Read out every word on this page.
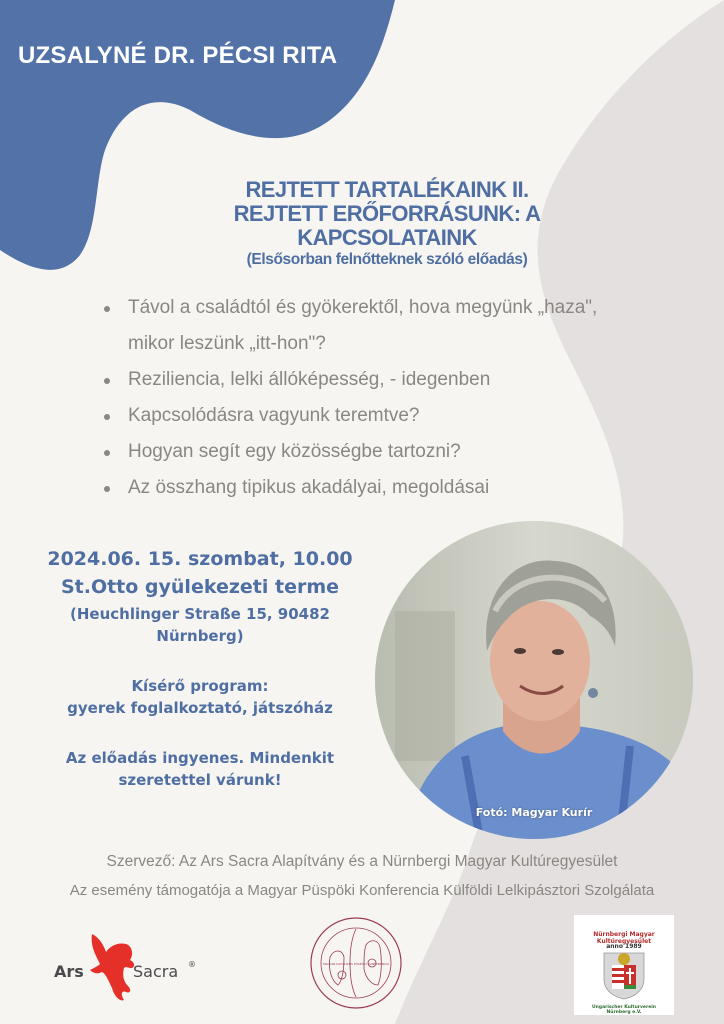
UZSALYNÉ DR. PÉCSI RITA
REJTETT TARTALÉKAINK II.
REJTETT ERŐFORRÁSUNK: A KAPCSOLATAINK
(Elsősorban felnőtteknek szóló előadás)
Távol a családtól és gyökerektől, hova megyünk „haza",
mikor leszünk „itt-hon"?
Reziliencia, lelki állóképesség, - idegenben
Kapcsolódásra vagyunk teremtve?
Hogyan segít egy közösségbe tartozni?
Az összhang tipikus akadályai, megoldásai
2024.06. 15. szombat, 10.00
St.Otto gyülekezeti terme
(Heuchlinger Straße 15, 90482
Nürnberg)
Kísérő program:
gyerek foglalkoztató, játszóház
Az előadás ingyenes. Mindenkit
szeretettel várunk!
Fotó: Magyar Kurír
Szervező: Az Ars Sacra Alapítvány és a Nürnbergi Magyar Kultúregyesület
Az esemény támogatója a Magyar Püspöki Konferencia Külföldi Lelkipásztori Szolgálata
Ars	Sacra ®	MAGYAR KATOLIKUS PÜSPÖKI KONFERENCIA
Nürnbergi Magyar Kultúregyesület
anno 1989
Ungarischer Kulturverein Nürnberg e.V.
